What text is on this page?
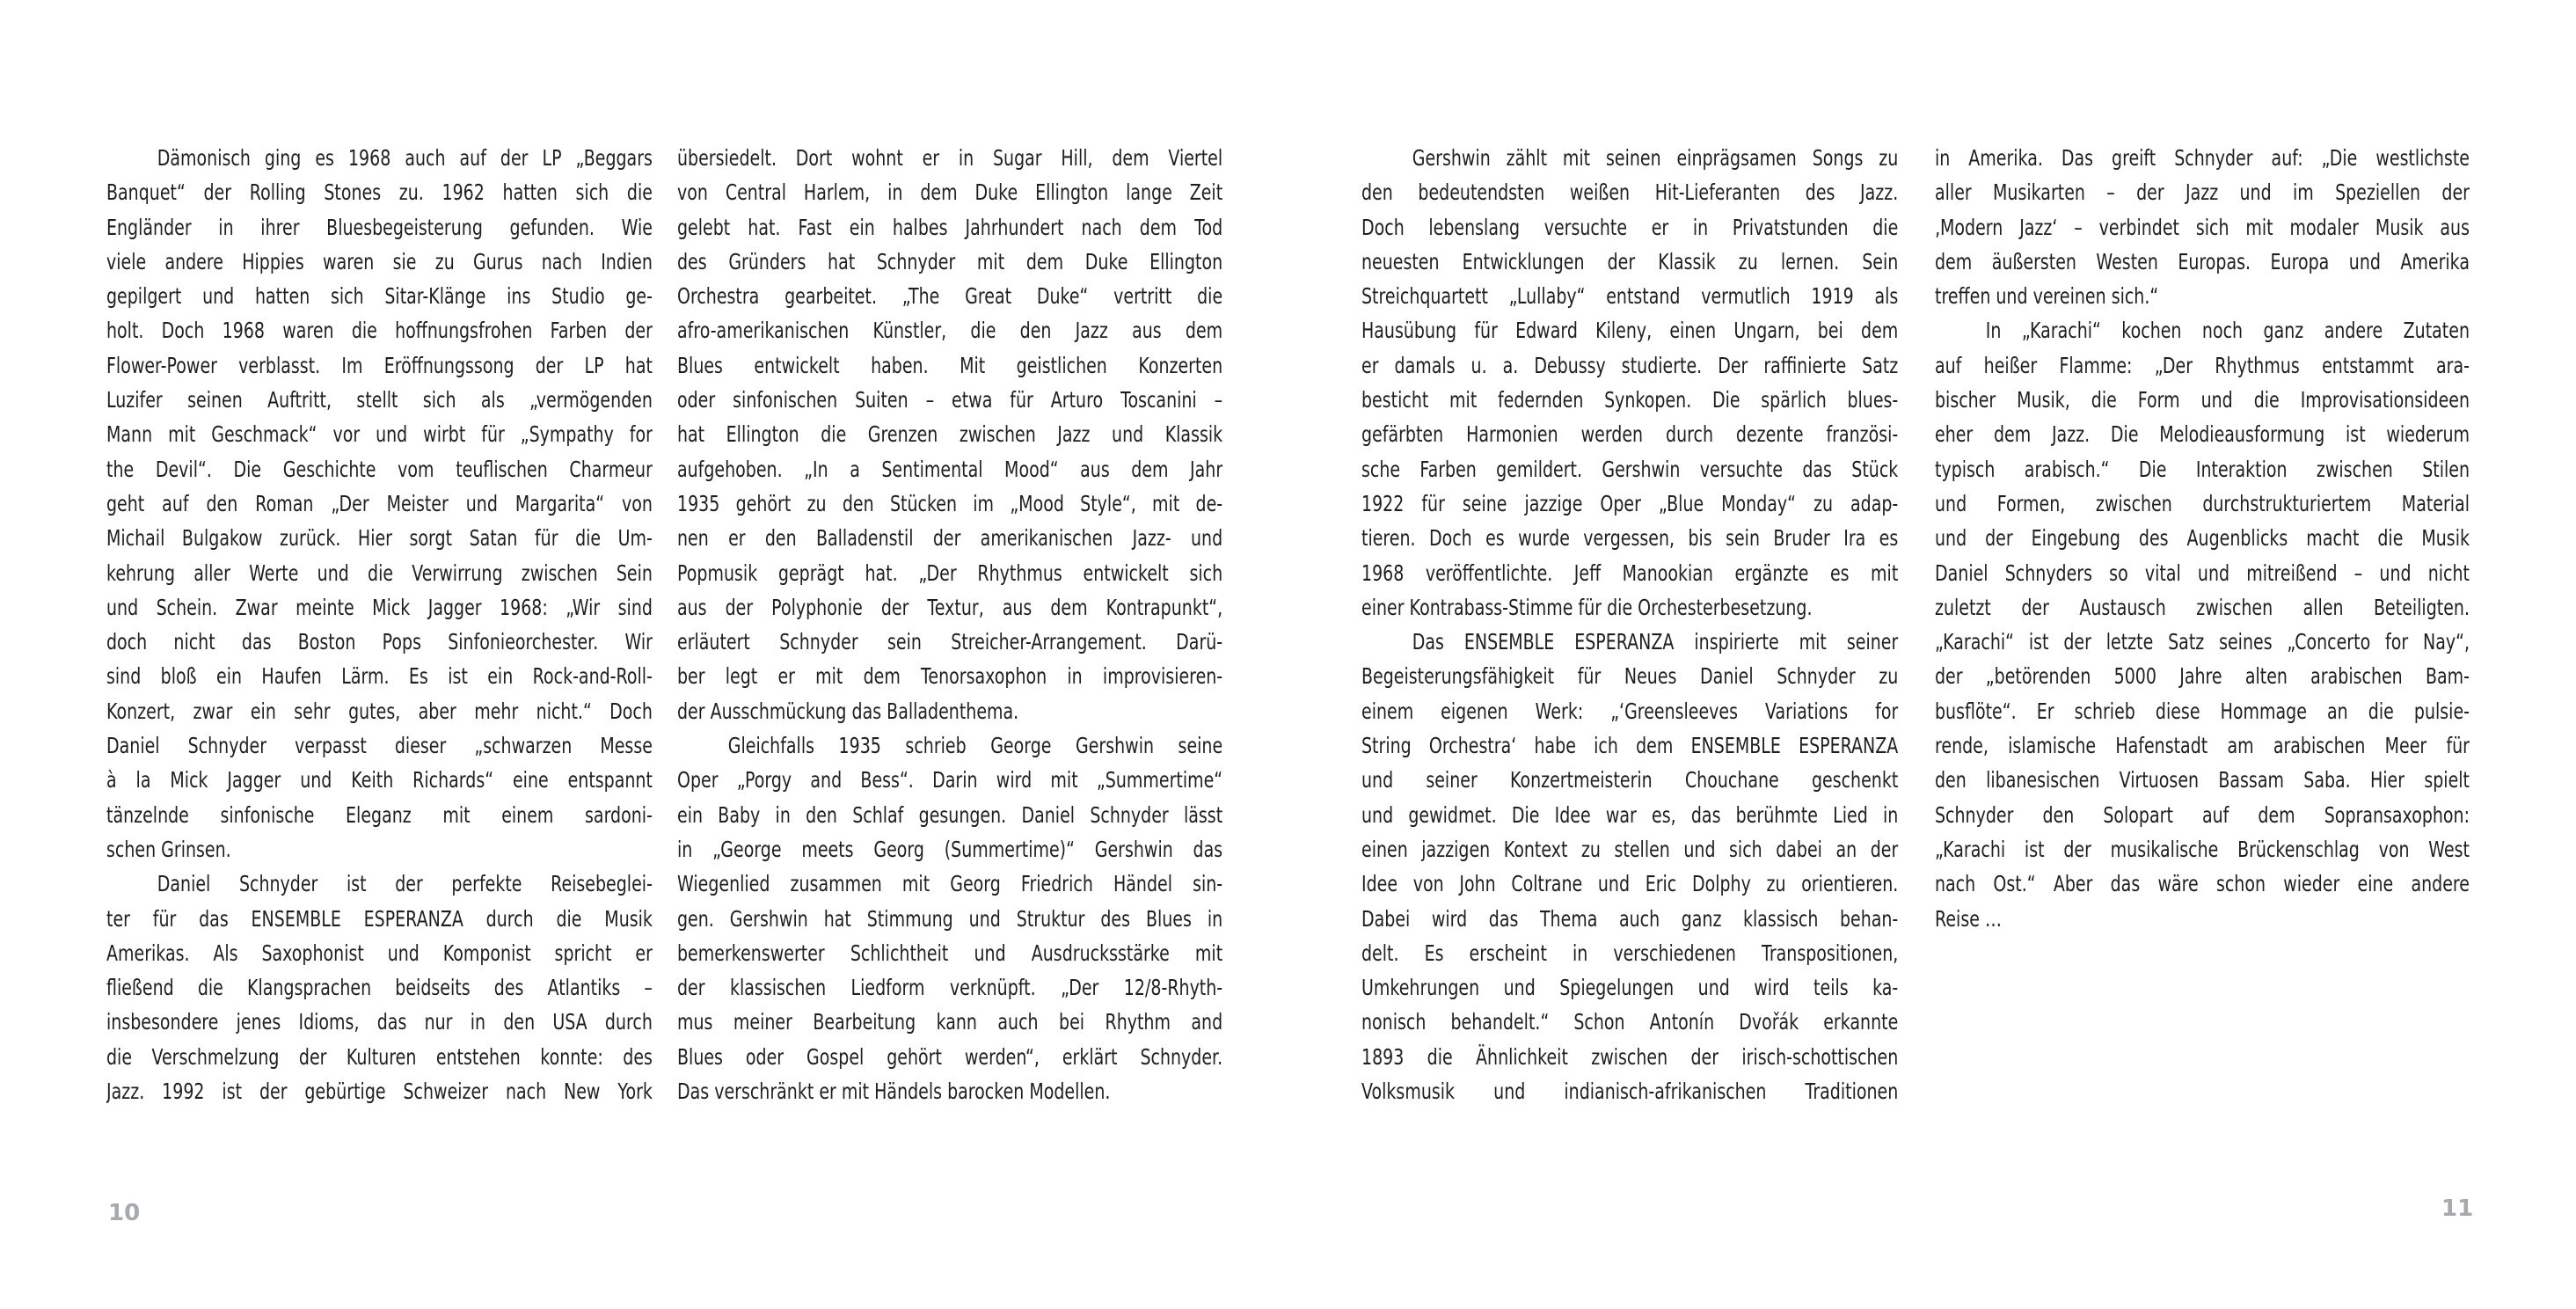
Dämonisch ging es 1968 auch auf der LP „Beggars
Banquet“ der Rolling Stones zu. 1962 hatten sich die
Engländer in ihrer Bluesbegeisterung gefunden. Wie
viele andere Hippies waren sie zu Gurus nach Indien
gepilgert und hatten sich Sitar-Klänge ins Studio ge-
holt. Doch 1968 waren die hoffnungsfrohen Farben der
Flower-Power verblasst. Im Eröffnungssong der LP hat
Luzifer seinen Auftritt, stellt sich als „vermögenden
Mann mit Geschmack“ vor und wirbt für „Sympathy for
the Devil“. Die Geschichte vom teuflischen Charmeur
geht auf den Roman „Der Meister und Margarita“ von
Michail Bulgakow zurück. Hier sorgt Satan für die Um-
kehrung aller Werte und die Verwirrung zwischen Sein
und Schein. Zwar meinte Mick Jagger 1968: „Wir sind
doch nicht das Boston Pops Sinfonieorchester. Wir
sind bloß ein Haufen Lärm. Es ist ein Rock-and-Roll-
Konzert, zwar ein sehr gutes, aber mehr nicht.“ Doch
Daniel Schnyder verpasst dieser „schwarzen Messe
à la Mick Jagger und Keith Richards“ eine entspannt
tänzelnde sinfonische Eleganz mit einem sardoni-
schen Grinsen.
Daniel Schnyder ist der perfekte Reisebeglei-
ter für das ENSEMBLE ESPERANZA durch die Musik
Amerikas. Als Saxophonist und Komponist spricht er
fließend die Klangsprachen beidseits des Atlantiks –
insbesondere jenes Idioms, das nur in den USA durch
die Verschmelzung der Kulturen entstehen konnte: des
Jazz. 1992 ist der gebürtige Schweizer nach New York
übersiedelt. Dort wohnt er in Sugar Hill, dem Viertel
von Central Harlem, in dem Duke Ellington lange Zeit
gelebt hat. Fast ein halbes Jahrhundert nach dem Tod
des Gründers hat Schnyder mit dem Duke Ellington
Orchestra gearbeitet. „The Great Duke“ vertritt die
afro-amerikanischen Künstler, die den Jazz aus dem
Blues entwickelt haben. Mit geistlichen Konzerten
oder sinfonischen Suiten – etwa für Arturo Toscanini –
hat Ellington die Grenzen zwischen Jazz und Klassik
aufgehoben. „In a Sentimental Mood“ aus dem Jahr
1935 gehört zu den Stücken im „Mood Style“, mit de-
nen er den Balladenstil der amerikanischen Jazz- und
Popmusik geprägt hat. „Der Rhythmus entwickelt sich
aus der Polyphonie der Textur, aus dem Kontrapunkt“,
erläutert Schnyder sein Streicher-Arrangement. Darü-
ber legt er mit dem Tenorsaxophon in improvisieren-
der Ausschmückung das Balladenthema.
Gleichfalls 1935 schrieb George Gershwin seine
Oper „Porgy and Bess“. Darin wird mit „Summertime“
ein Baby in den Schlaf gesungen. Daniel Schnyder lässt
in „George meets Georg (Summertime)“ Gershwin das
Wiegenlied zusammen mit Georg Friedrich Händel sin-
gen. Gershwin hat Stimmung und Struktur des Blues in
bemerkenswerter Schlichtheit und Ausdrucksstärke mit
der klassischen Liedform verknüpft. „Der 12/8-Rhyth-
mus meiner Bearbeitung kann auch bei Rhythm and
Blues oder Gospel gehört werden“, erklärt Schnyder.
Das verschränkt er mit Händels barocken Modellen.
10
Gershwin zählt mit seinen einprägsamen Songs zu
den bedeutendsten weißen Hit-Lieferanten des Jazz.
Doch lebenslang versuchte er in Privatstunden die
neuesten Entwicklungen der Klassik zu lernen. Sein
Streichquartett „Lullaby“ entstand vermutlich 1919 als
Hausübung für Edward Kileny, einen Ungarn, bei dem
er damals u. a. Debussy studierte. Der raffinierte Satz
besticht mit federnden Synkopen. Die spärlich blues-
gefärbten Harmonien werden durch dezente französi-
sche Farben gemildert. Gershwin versuchte das Stück
1922 für seine jazzige Oper „Blue Monday“ zu adap-
tieren. Doch es wurde vergessen, bis sein Bruder Ira es
1968 veröffentlichte. Jeff Manookian ergänzte es mit
einer Kontrabass-Stimme für die Orchesterbesetzung.
Das ENSEMBLE ESPERANZA inspirierte mit seiner
Begeisterungsfähigkeit für Neues Daniel Schnyder zu
einem eigenen Werk: „‘Greensleeves Variations for
String Orchestra‘ habe ich dem ENSEMBLE ESPERANZA
und seiner Konzertmeisterin Chouchane geschenkt
und gewidmet. Die Idee war es, das berühmte Lied in
einen jazzigen Kontext zu stellen und sich dabei an der
Idee von John Coltrane und Eric Dolphy zu orientieren.
Dabei wird das Thema auch ganz klassisch behan-
delt. Es erscheint in verschiedenen Transpositionen,
Umkehrungen und Spiegelungen und wird teils ka-
nonisch behandelt.“ Schon Antonín Dvořák erkannte
1893 die Ähnlichkeit zwischen der irisch-schottischen
Volksmusik und indianisch-afrikanischen Traditionen
in Amerika. Das greift Schnyder auf: „Die westlichste
aller Musikarten – der Jazz und im Speziellen der
‚Modern Jazz‘ – verbindet sich mit modaler Musik aus
dem äußersten Westen Europas. Europa und Amerika
treffen und vereinen sich.“
In „Karachi“ kochen noch ganz andere Zutaten
auf heißer Flamme: „Der Rhythmus entstammt ara-
bischer Musik, die Form und die Improvisationsideen
eher dem Jazz. Die Melodieausformung ist wiederum
typisch arabisch.“ Die Interaktion zwischen Stilen
und Formen, zwischen durchstrukturiertem Material
und der Eingebung des Augenblicks macht die Musik
Daniel Schnyders so vital und mitreißend – und nicht
zuletzt der Austausch zwischen allen Beteiligten.
„Karachi“ ist der letzte Satz seines „Concerto for Nay“,
der „betörenden 5000 Jahre alten arabischen Bam-
busflöte“. Er schrieb diese Hommage an die pulsie-
rende, islamische Hafenstadt am arabischen Meer für
den libanesischen Virtuosen Bassam Saba. Hier spielt
Schnyder den Solopart auf dem Sopransaxophon:
„Karachi ist der musikalische Brückenschlag von West
nach Ost.“ Aber das wäre schon wieder eine andere
Reise …
11
